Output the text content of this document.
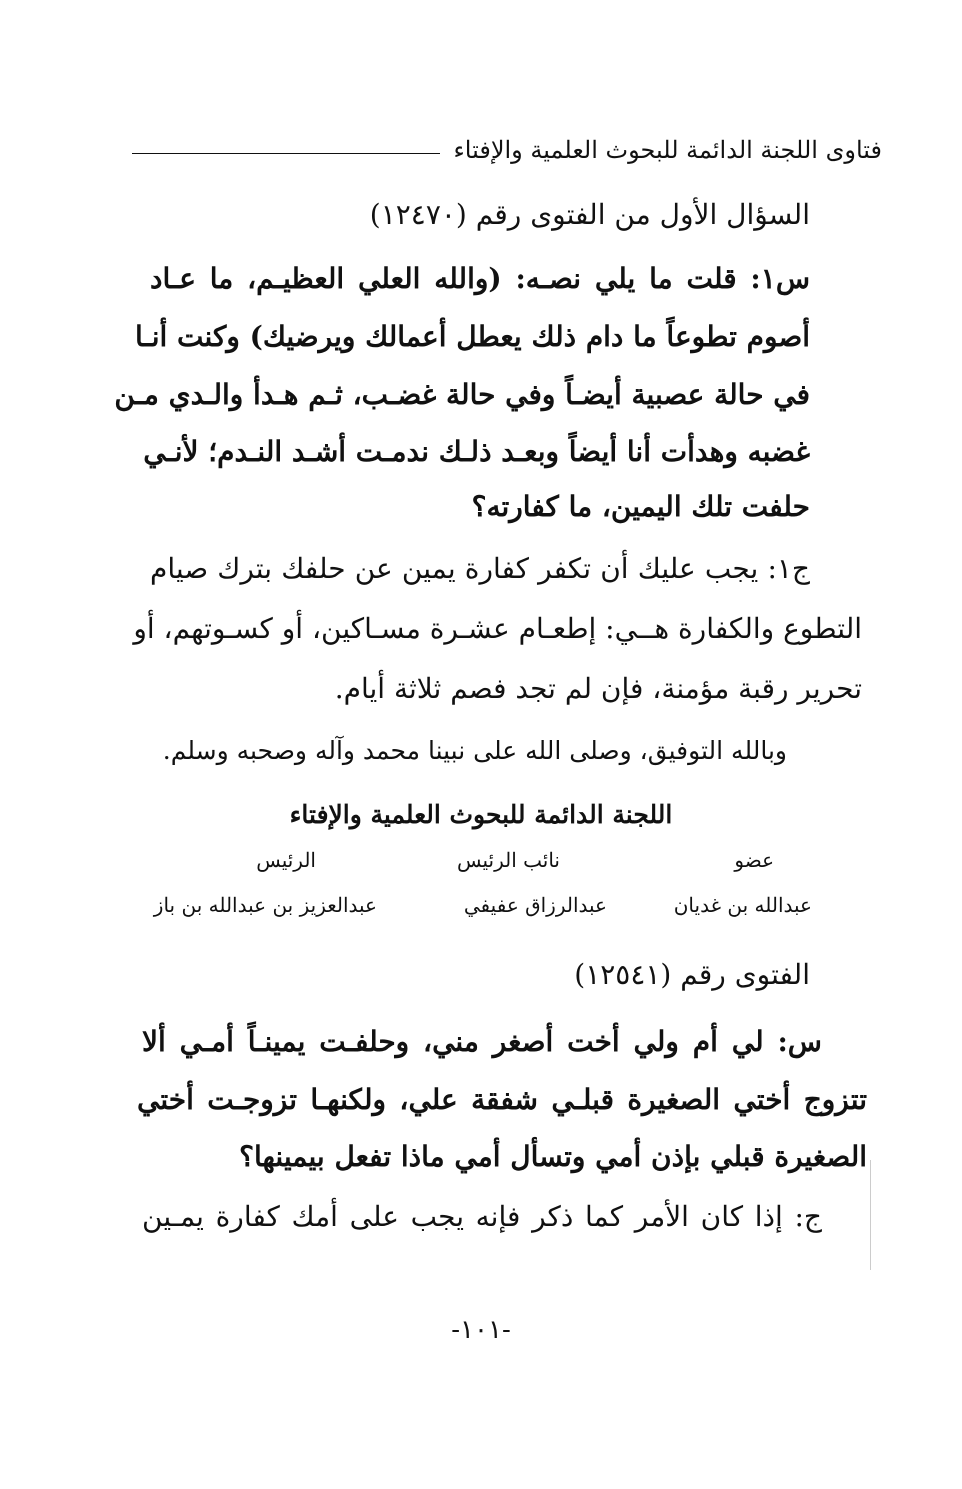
فتاوى اللجنة الدائمة للبحوث العلمية والإفتاء
السؤال الأول من الفتوى رقم (١٢٤٧٠)
س١: قلت ما يلي نصـه: (والله العلي العظيـم، ما عـاد
أصوم تطوعاً ما دام ذلك يعطل أعمالك ويرضيك) وكنت أنـا
في حالة عصبية أيضـاً وفي حالة غضـب، ثـم هـدأ والـدي مـن
غضبه وهدأت أنا أيضاً وبعـد ذلـك ندمـت أشـد النـدم؛ لأنـي
حلفت تلك اليمين، ما كفارته؟
ج١: يجب عليك أن تكفر كفارة يمين عن حلفك بترك صيام
التطوع والكفارة هــي: إطعـام عشـرة مسـاكين، أو كسـوتهم، أو
تحرير رقبة مؤمنة، فإن لم تجد فصم ثلاثة أيام.
وبالله التوفيق، وصلى الله على نبينا محمد وآله وصحبه وسلم.
اللجنة الدائمة للبحوث العلمية والإفتاء
عضو
نائب الرئيس
الرئيس
عبدالله بن غديان
عبدالرزاق عفيفي
عبدالعزيز بن عبدالله بن باز
الفتوى رقم (١٢٥٤١)
س: لي أم ولي أخت أصغر مني، وحلفـت يمينـاً أمـي ألا
تتزوج أختي الصغيرة قبلـي شفقة علي، ولكنهـا تزوجـت أختي
الصغيرة قبلي بإذن أمي وتسأل أمي ماذا تفعل بيمينها؟
ج: إذا كان الأمر كما ذكر فإنه يجب على أمك كفارة يمـين
-١٠١-
